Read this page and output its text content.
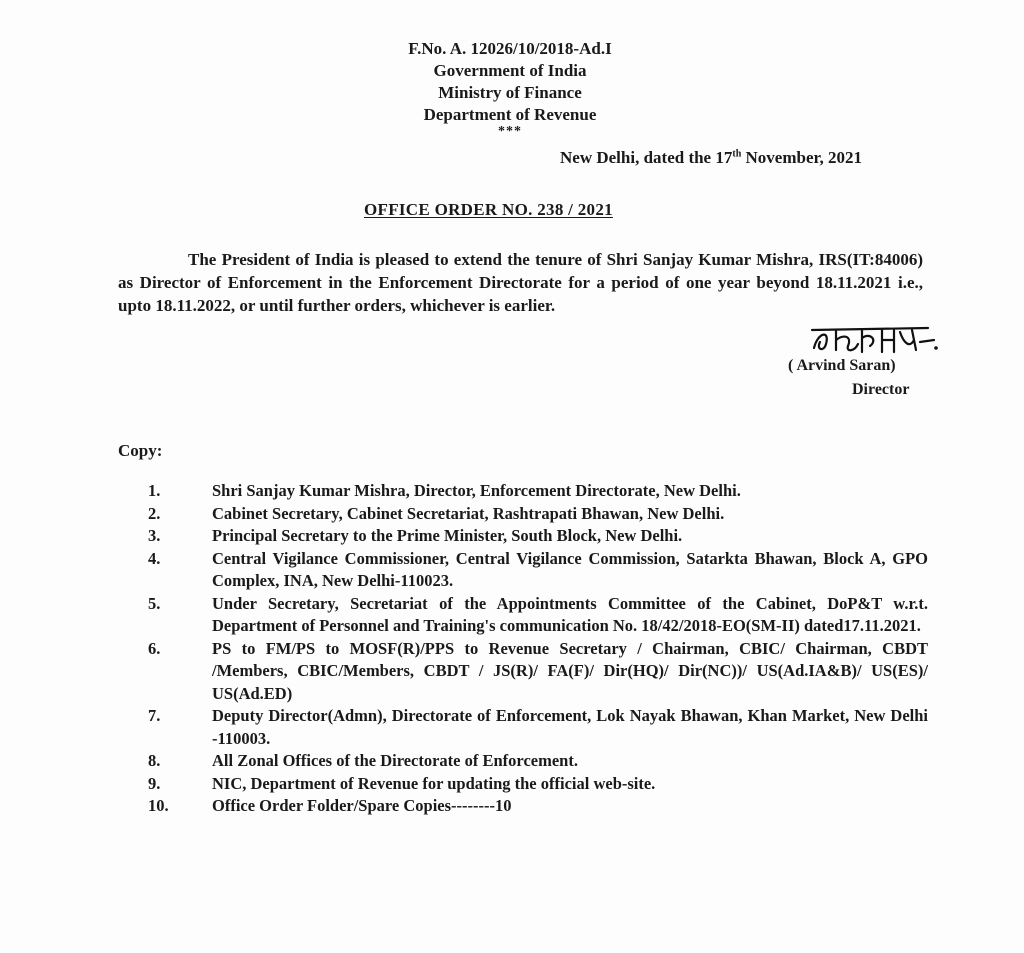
F.No. A. 12026/10/2018-Ad.I
Government of India
Ministry of Finance
Department of Revenue
***
New Delhi, dated the 17th November, 2021
OFFICE ORDER NO. 238 / 2021
The President of India is pleased to extend the tenure of Shri Sanjay Kumar Mishra, IRS(IT:84006) as Director of Enforcement in the Enforcement Directorate for a period of one year beyond 18.11.2021 i.e., upto 18.11.2022, or until further orders, whichever is earlier.
( Arvind Saran)
Director
Copy:
1.	Shri Sanjay Kumar Mishra, Director, Enforcement Directorate, New Delhi.
2.	Cabinet Secretary, Cabinet Secretariat, Rashtrapati Bhawan, New Delhi.
3.	Principal Secretary to the Prime Minister, South Block, New Delhi.
4.	Central Vigilance Commissioner, Central Vigilance Commission, Satarkta Bhawan, Block A, GPO Complex, INA, New Delhi-110023.
5.	Under Secretary, Secretariat of the Appointments Committee of the Cabinet, DoP&T w.r.t. Department of Personnel and Training's communication No. 18/42/2018-EO(SM-II) dated17.11.2021.
6.	PS to FM/PS to MOSF(R)/PPS to Revenue Secretary / Chairman, CBIC/ Chairman, CBDT /Members, CBIC/Members, CBDT / JS(R)/ FA(F)/ Dir(HQ)/ Dir(NC))/ US(Ad.IA&B)/ US(ES)/ US(Ad.ED)
7.	Deputy Director(Admn), Directorate of Enforcement, Lok Nayak Bhawan, Khan Market, New Delhi -110003.
8.	All Zonal Offices of the Directorate of Enforcement.
9.	NIC, Department of Revenue for updating the official web-site.
10.	Office Order Folder/Spare Copies--------10
